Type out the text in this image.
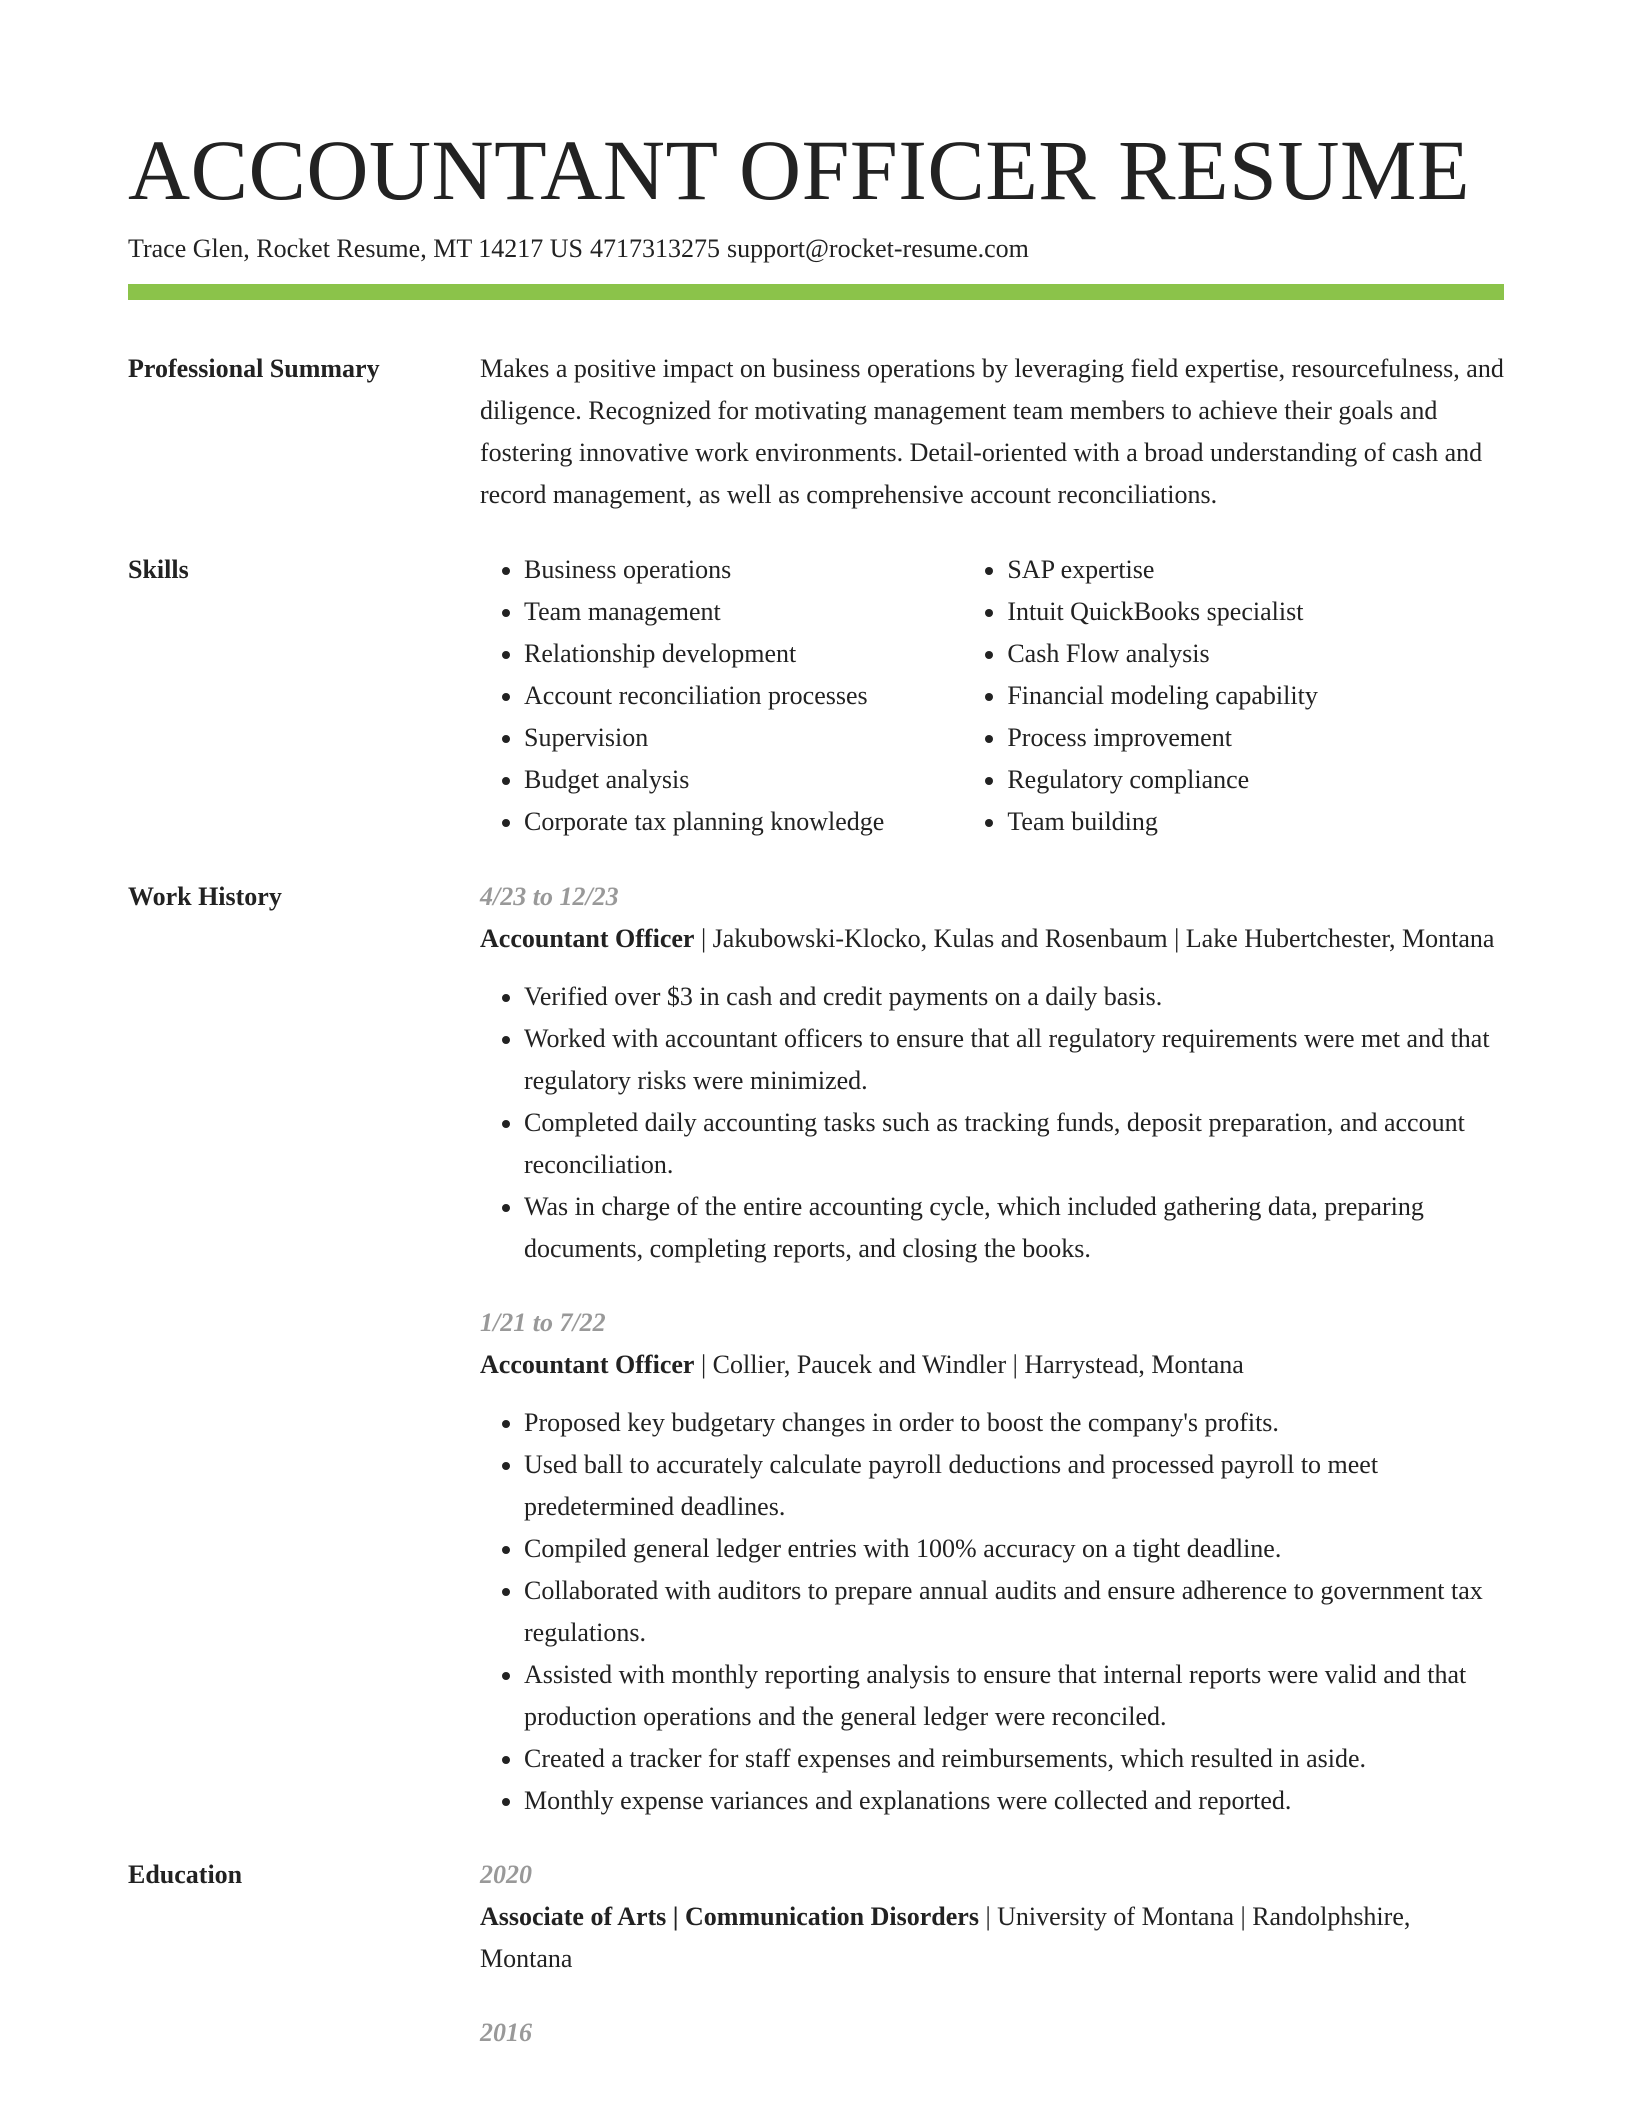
ACCOUNTANT OFFICER RESUME
Trace Glen, Rocket Resume, MT 14217 US 4717313275 support@rocket-resume.com
Professional Summary	Makes a positive impact on business operations by leveraging field expertise, resourcefulness, and diligence. Recognized for motivating management team members to achieve their goals and fostering innovative work environments. Detail-oriented with a broad understanding of cash and record management, as well as comprehensive account reconciliations.
Skills
•	Business operations
• Team management
• Relationship development
• Account reconciliation processes
• Supervision
• Budget analysis
• Corporate tax planning knowledge
• SAP expertise
• Intuit QuickBooks specialist
• Cash Flow analysis
• Financial modeling capability
• Process improvement
• Regulatory compliance
• Team building
Work History	4/23 to 12/23
Accountant Officer | Jakubowski-Klocko, Kulas and Rosenbaum | Lake Hubertchester, Montana
• Verified over $3 in cash and credit payments on a daily basis.
• Worked with accountant officers to ensure that all regulatory requirements were met and that regulatory risks were minimized.
• Completed daily accounting tasks such as tracking funds, deposit preparation, and account reconciliation.
• Was in charge of the entire accounting cycle, which included gathering data, preparing documents, completing reports, and closing the books.
1/21 to 7/22
Accountant Officer | Collier, Paucek and Windler | Harrystead, Montana
• Proposed key budgetary changes in order to boost the company's profits.
• Used ball to accurately calculate payroll deductions and processed payroll to meet predetermined deadlines.
• Compiled general ledger entries with 100% accuracy on a tight deadline.
• Collaborated with auditors to prepare annual audits and ensure adherence to government tax regulations.
• Assisted with monthly reporting analysis to ensure that internal reports were valid and that production operations and the general ledger were reconciled.
• Created a tracker for staff expenses and reimbursements, which resulted in aside.
• Monthly expense variances and explanations were collected and reported.
Education	2020
Associate of Arts | Communication Disorders | University of Montana | Randolphshire, Montana
2016
